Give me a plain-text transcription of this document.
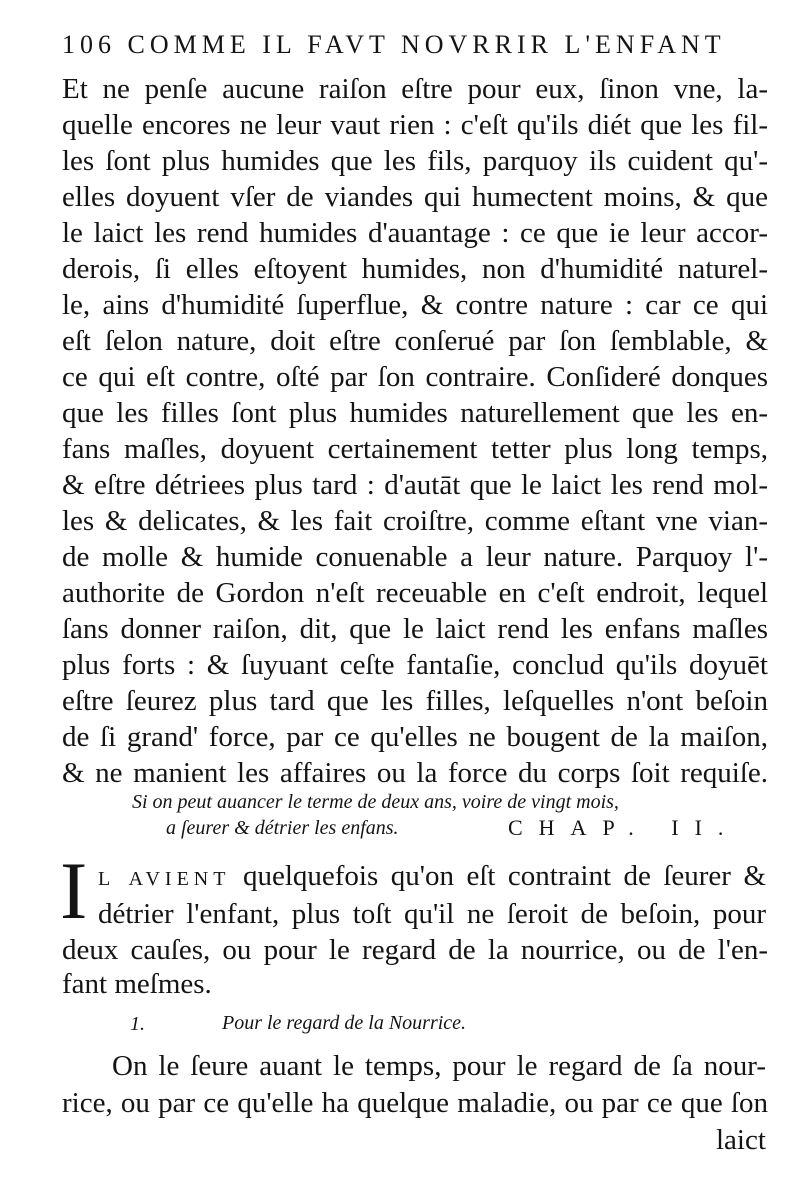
106 COMME IL FAVT NOVRRIR L'ENFANT
Et ne penſe aucune raiſon eſtre pour eux, ſinon vne, la-
quelle encores ne leur vaut rien : c'eſt qu'ils diét que les fil-
les ſont plus humides que les fils, parquoy ils cuident qu'-
elles doyuent vſer de viandes qui humectent moins, & que
le laict les rend humides d'auantage : ce que ie leur accor-
derois, ſi elles eſtoyent humides, non d'humidité naturel-
le, ains d'humidité ſuperflue, & contre nature : car ce qui
eſt ſelon nature, doit eſtre conſerué par ſon ſemblable, &
ce qui eſt contre, oſté par ſon contraire. Conſideré donques
que les filles ſont plus humides naturellement que les en-
fans maſles, doyuent certainement tetter plus long temps,
& eſtre détriees plus tard : d'autāt que le laict les rend mol-
les & delicates, & les fait croiſtre, comme eſtant vne vian-
de molle & humide conuenable a leur nature. Parquoy l'-
authorite de Gordon n'eſt receuable en c'eſt endroit, lequel
ſans donner raiſon, dit, que le laict rend les enfans maſles
plus forts : & ſuyuant ceſte fantaſie, conclud qu'ils doyuēt
eſtre ſeurez plus tard que les filles, leſquelles n'ont beſoin
de ſi grand' force, par ce qu'elles ne bougent de la maiſon,
& ne manient les affaires ou la force du corps ſoit requiſe.
Si on peut auancer le terme de deux ans, voire de vingt mois,
a ſeurer & détrier les enfans.	CHAP. II.
I L AVIENT quelquefois qu'on eſt contraint de ſeurer &
détrier l'enfant, plus toſt qu'il ne ſeroit de beſoin, pour
deux cauſes, ou pour le regard de la nourrice, ou de l'en-
fant meſmes.
1.	Pour le regard de la Nourrice.
On le ſeure auant le temps, pour le regard de ſa nour-
rice, ou par ce qu'elle ha quelque maladie, ou par ce que ſon
laict
